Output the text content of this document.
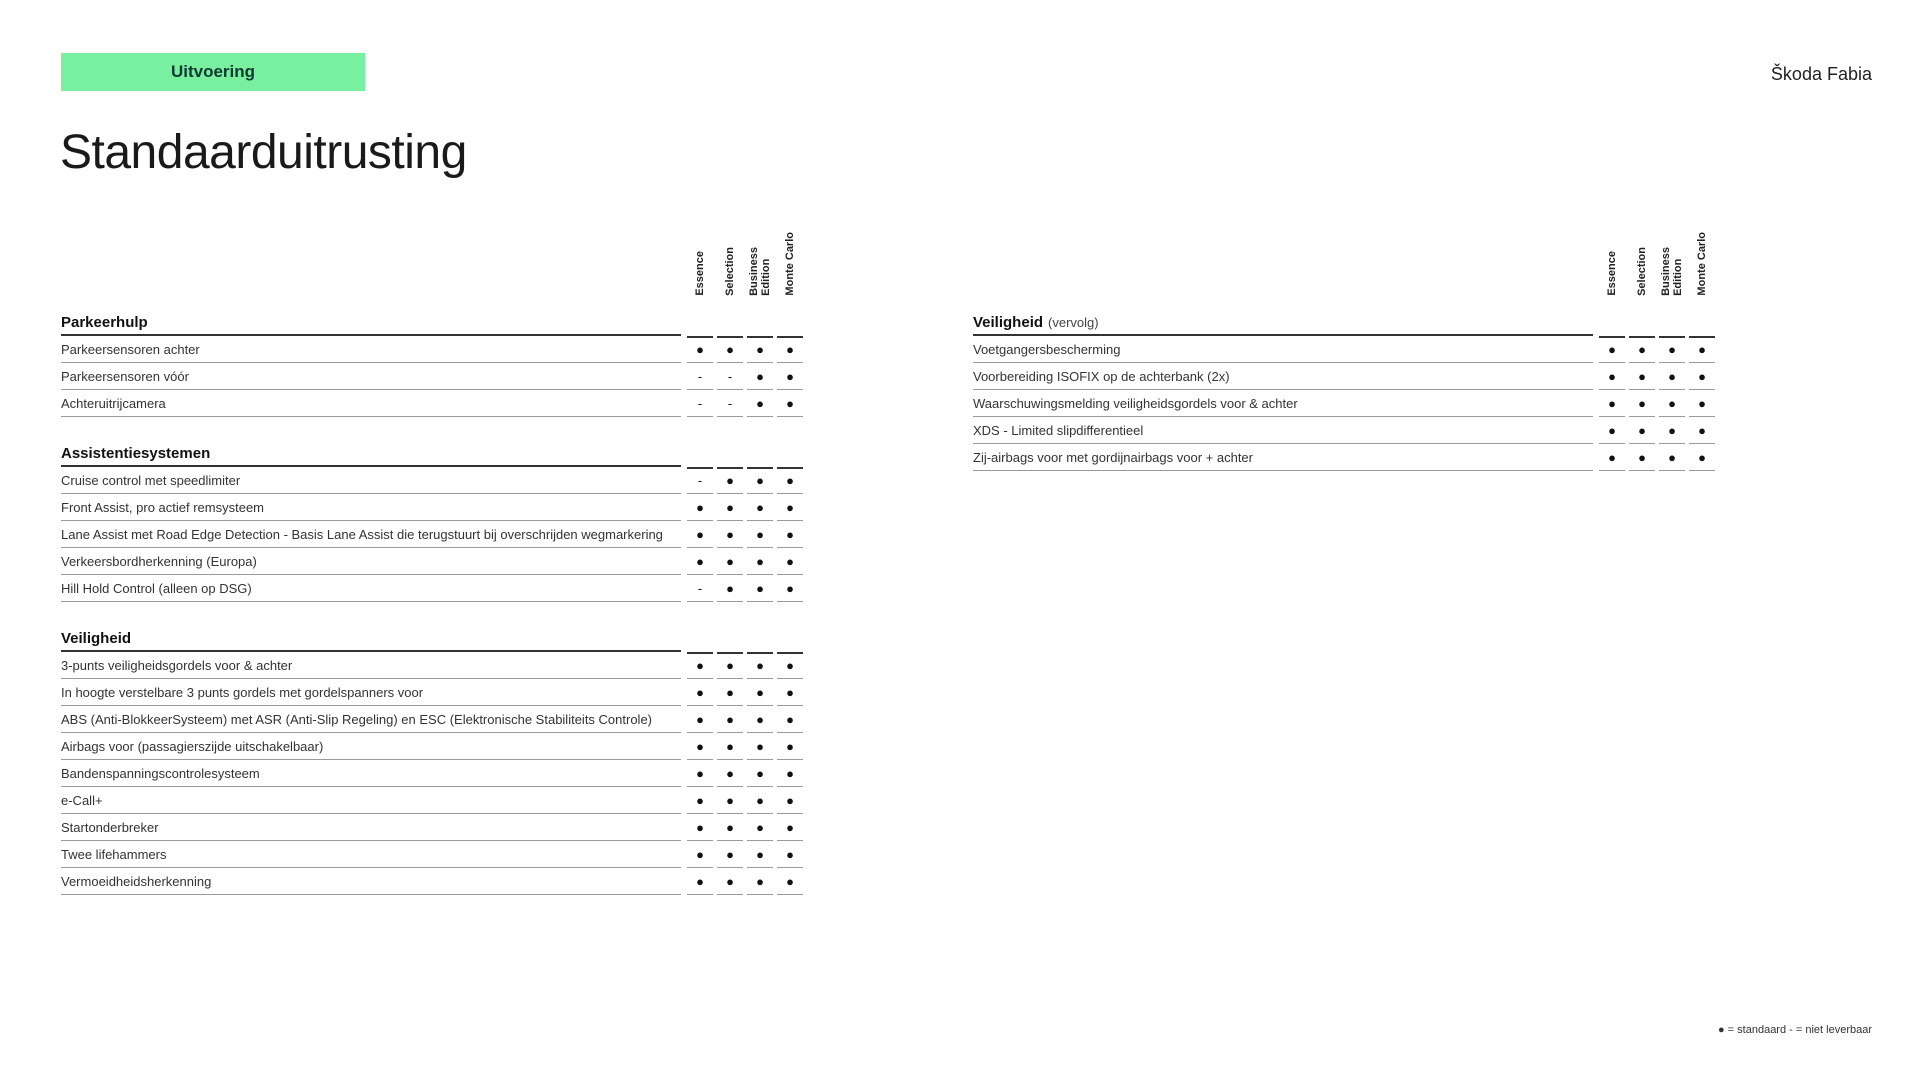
Uitvoering	Škoda Fabia
Standaarduitrusting
Essence Selection Business
Edition Monte Carlo
Parkeerhulp
Parkeersensoren achter	●	●	●	●
Parkeersensoren vóór	-	-	●	●
Achteruitrijcamera	-	-	●	●
Assistentiesystemen
Cruise control met speedlimiter	-	●	●	●
Front Assist, pro actief remsysteem	●	●	●	●
Lane Assist met Road Edge Detection - Basis Lane Assist die terugstuurt bij overschrijden wegmarkering	●	●	●	●
Verkeersbordherkenning (Europa)	●	●	●	●
Hill Hold Control (alleen op DSG)	-	●	●	●
Veiligheid
3-punts veiligheidsgordels voor & achter	●	●	●	●
In hoogte verstelbare 3 punts gordels met gordelspanners voor	●	●	●	●
ABS (Anti-BlokkeerSysteem) met ASR (Anti-Slip Regeling) en ESC (Elektronische Stabiliteits Controle)	●	●	●	●
Airbags voor (passagierszijde uitschakelbaar)	●	●	●	●
Bandenspanningscontrolesysteem	●	●	●	●
e-Call+	●	●	●	●
Startonderbreker	●	●	●	●
Twee lifehammers	●	●	●	●
Vermoeidheidsherkenning	●	●	●	●
Essence Selection Business
Edition Monte Carlo
Veiligheid (vervolg)
Voetgangersbescherming	●	●	●	●
Voorbereiding ISOFIX op de achterbank (2x)	●	●	●	●
Waarschuwingsmelding veiligheidsgordels voor & achter	●	●	●	●
XDS - Limited slipdifferentieel	●	●	●	●
Zij-airbags voor met gordijnairbags voor + achter	●	●	●	●
● = standaard - = niet leverbaar
